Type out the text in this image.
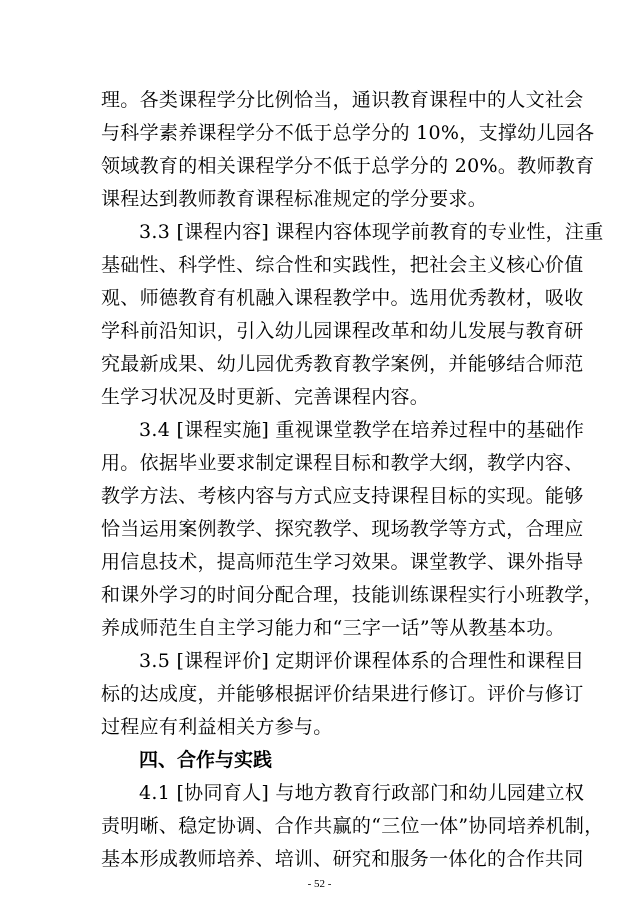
理。各类课程学分比例恰当，通识教育课程中的人文社会
与科学素养课程学分不低于总学分的 10%，支撑幼儿园各
领域教育的相关课程学分不低于总学分的 20%。教师教育
课程达到教师教育课程标准规定的学分要求。
3.3 [课程内容] 课程内容体现学前教育的专业性，注重
基础性、科学性、综合性和实践性，把社会主义核心价值
观、师德教育有机融入课程教学中。选用优秀教材，吸收
学科前沿知识，引入幼儿园课程改革和幼儿发展与教育研
究最新成果、幼儿园优秀教育教学案例，并能够结合师范
生学习状况及时更新、完善课程内容。
3.4 [课程实施] 重视课堂教学在培养过程中的基础作
用。依据毕业要求制定课程目标和教学大纲，教学内容、
教学方法、考核内容与方式应支持课程目标的实现。能够
恰当运用案例教学、探究教学、现场教学等方式，合理应
用信息技术，提高师范生学习效果。课堂教学、课外指导
和课外学习的时间分配合理，技能训练课程实行小班教学，
养成师范生自主学习能力和“三字一话”等从教基本功。
3.5 [课程评价] 定期评价课程体系的合理性和课程目
标的达成度，并能够根据评价结果进行修订。评价与修订
过程应有利益相关方参与。
四、合作与实践
4.1 [协同育人] 与地方教育行政部门和幼儿园建立权
责明晰、稳定协调、合作共赢的“三位一体”协同培养机制，
基本形成教师培养、培训、研究和服务一体化的合作共同
- 52 -
